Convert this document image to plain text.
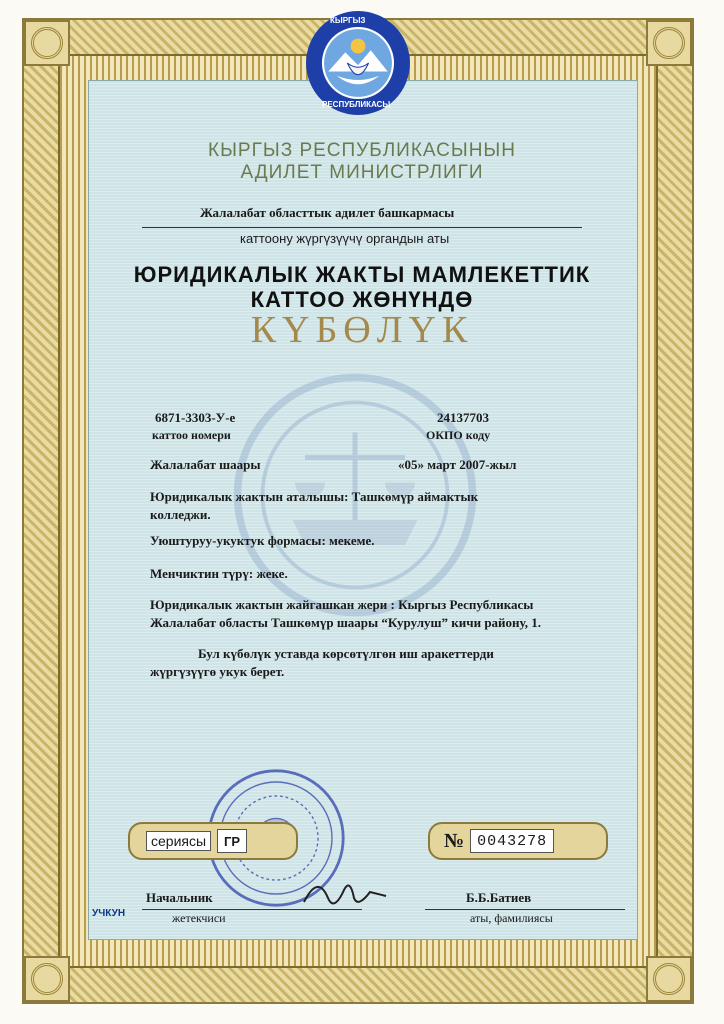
КЫРГЫЗ
РЕСПУБЛИКАСЫ
КЫРГЫЗ РЕСПУБЛИКАСЫНЫН
АДИЛЕТ МИНИСТРЛИГИ
Жалалабат областтык адилет башкармасы
каттоону жүргүзүүчү органдын аты
ЮРИДИКАЛЫК ЖАКТЫ МАМЛЕКЕТТИК
КАТТОО ЖӨНҮНДӨ
КҮБӨЛҮК
6871-3303-У-е
каттоо номери
24137703
ОКПО коду
Жалалабат шаары	«05» март 2007-жыл
Юридикалык жактын аталышы: Ташкөмүр аймактык
колледжи.
Уюштуруу-укуктук формасы: мекеме.
Менчиктин түрү: жеке.
Юридикалык жактын жайгашкан жери : Кыргыз Республикасы
Жалалабат областы Ташкөмүр шаары “Курулуш” кичи району, 1.
Бул күбөлүк уставда көрсөтүлгөн иш аракеттерди
жүргүзүүгө укук берет.
сериясы	ГР	№ 0043278
Начальник
жетекчиси
Б.Б.Батиев
аты, фамилиясы
УЧКУН
